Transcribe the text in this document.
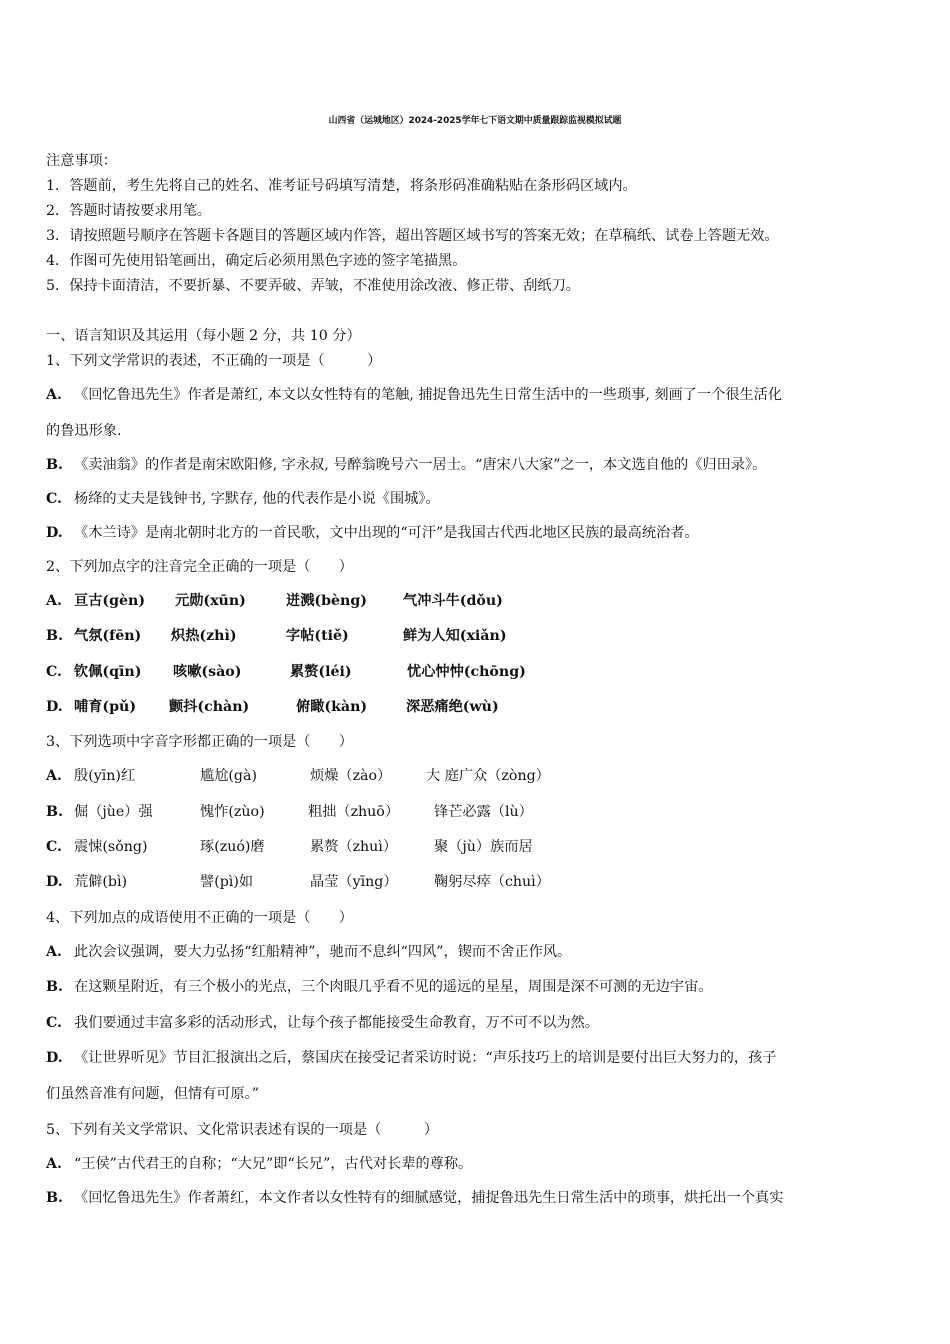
山西省（运城地区）2024-2025学年七下语文期中质量跟踪监视模拟试题
注意事项：
1．答题前，考生先将自己的姓名、准考证号码填写清楚，将条形码准确粘贴在条形码区域内。
2．答题时请按要求用笔。
3．请按照题号顺序在答题卡各题目的答题区域内作答，超出答题区域书写的答案无效；在草稿纸、试卷上答题无效。
4．作图可先使用铅笔画出，确定后必须用黑色字迹的签字笔描黑。
5．保持卡面清洁，不要折暴、不要弄破、弄皱，不准使用涂改液、修正带、刮纸刀。
一、语言知识及其运用（每小题 2 分，共 10 分）
1、下列文学常识的表述，不正确的一项是（　　　）
A. 《回忆鲁迅先生》作者是萧红, 本文以女性特有的笔触, 捕捉鲁迅先生日常生活中的一些琐事, 刻画了一个很生活化
的鲁迅形象.
B. 《卖油翁》的作者是南宋欧阳修, 字永叔, 号醉翁晚号六一居士。“唐宋八大家”之一，本文选自他的《归田录》。
C. 杨绛的丈夫是钱钟书, 字默存, 他的代表作是小说《围城》。
D. 《木兰诗》是南北朝时北方的一首民歌，文中出现的“可汗”是我国古代西北地区民族的最高统治者。
2、下列加点字的注音完全正确的一项是（　　）
A. 亘古(gèn) 元勋(xūn)	迸溅(bèng)	气冲斗牛(dǒu)
B. 气氛(fēn) 炽热(zhì)	字帖(tiě)	鲜为人知(xiǎn)
C. 钦佩(qīn) 咳嗽(sào)	累赘(léi)	忧心忡忡(chōng)
D. 哺育(pǔ) 颤抖(chàn)	俯瞰(kàn)	深恶痛绝(wù)
3、下列选项中字音字形都正确的一项是（　　）
A. 殷(yīn)红	尴尬(gà)	烦燥（zào） 大 庭广众（zòng）
B. 倔（jùe）强	愧怍(zùo)	粗拙（zhuō） 锋芒必露（lù）
C. 震悚(sǒng)	琢(zuó)磨	累赘（zhuì）	聚（jù）族而居
D. 荒僻(bì)	譬(pì)如	晶莹（yīng）	鞠躬尽瘁（chuì）
4、下列加点的成语使用不正确的一项是（　　）
A. 此次会议强调，要大力弘扬“红船精神”，驰而不息纠“四风”，锲而不舍正作风。
B. 在这颗星附近，有三个极小的光点，三个肉眼几乎看不见的遥远的星星，周围是深不可测的无边宇宙。
C. 我们要通过丰富多彩的活动形式，让每个孩子都能接受生命教育，万不可不以为然。
D. 《让世界听见》节目汇报演出之后，蔡国庆在接受记者采访时说：“声乐技巧上的培训是要付出巨大努力的，孩子
们虽然音准有问题，但情有可原。”
5、下列有关文学常识、文化常识表述有误的一项是（　　　）
A. “王侯”古代君王的自称；“大兄”即“长兄”，古代对长辈的尊称。
B. 《回忆鲁迅先生》作者萧红，本文作者以女性特有的细腻感觉，捕捉鲁迅先生日常生活中的琐事，烘托出一个真实
